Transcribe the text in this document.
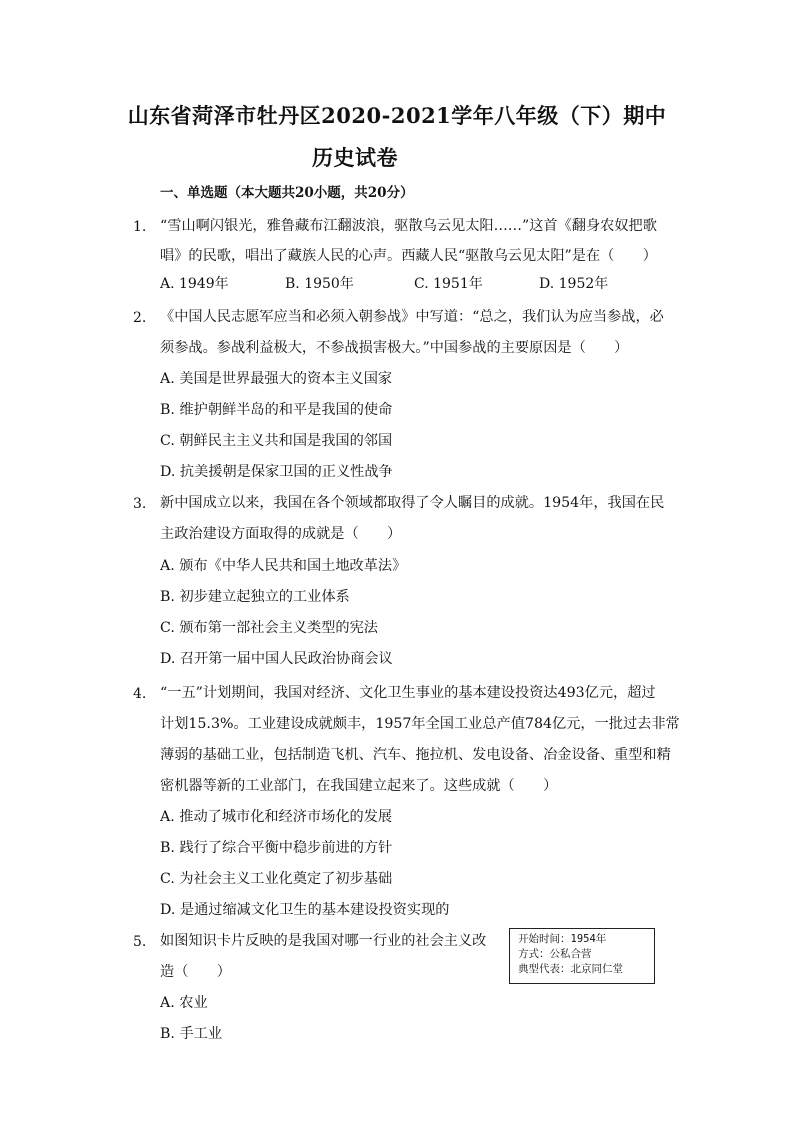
山东省菏泽市牡丹区2020-2021学年八年级（下）期中
历史试卷
一、单选题（本大题共20小题，共20分）
1. “雪山啊闪银光，雅鲁藏布江翻波浪，驱散乌云见太阳……”这首《翻身农奴把歌
唱》的民歌，唱出了藏族人民的心声。西藏人民“驱散乌云见太阳”是在（　　）
A. 1949年	B. 1950年	C. 1951年	D. 1952年
2. 《中国人民志愿军应当和必须入朝参战》中写道：“总之，我们认为应当参战，必
须参战。参战利益极大，不参战损害极大。”中国参战的主要原因是（　　）
A. 美国是世界最强大的资本主义国家
B. 维护朝鲜半岛的和平是我国的使命
C. 朝鲜民主主义共和国是我国的邻国
D. 抗美援朝是保家卫国的正义性战争
3. 新中国成立以来，我国在各个领域都取得了令人瞩目的成就。1954年，我国在民
主政治建设方面取得的成就是（　　）
A. 颁布《中华人民共和国土地改革法》
B. 初步建立起独立的工业体系
C. 颁布第一部社会主义类型的宪法
D. 召开第一届中国人民政治协商会议
4. “一五”计划期间，我国对经济、文化卫生事业的基本建设投资达493亿元，超过
计划15.3%。工业建设成就颇丰，1957年全国工业总产值784亿元，一批过去非常
薄弱的基础工业，包括制造飞机、汽车、拖拉机、发电设备、冶金设备、重型和精
密机器等新的工业部门，在我国建立起来了。这些成就（　　）
A. 推动了城市化和经济市场化的发展
B. 践行了综合平衡中稳步前进的方针
C. 为社会主义工业化奠定了初步基础
D. 是通过缩减文化卫生的基本建设投资实现的
5. 如图知识卡片反映的是我国对哪一行业的社会主义改
造（　　）
A. 农业
B. 手工业
开始时间：1954年
方式：公私合营
典型代表：北京同仁堂
